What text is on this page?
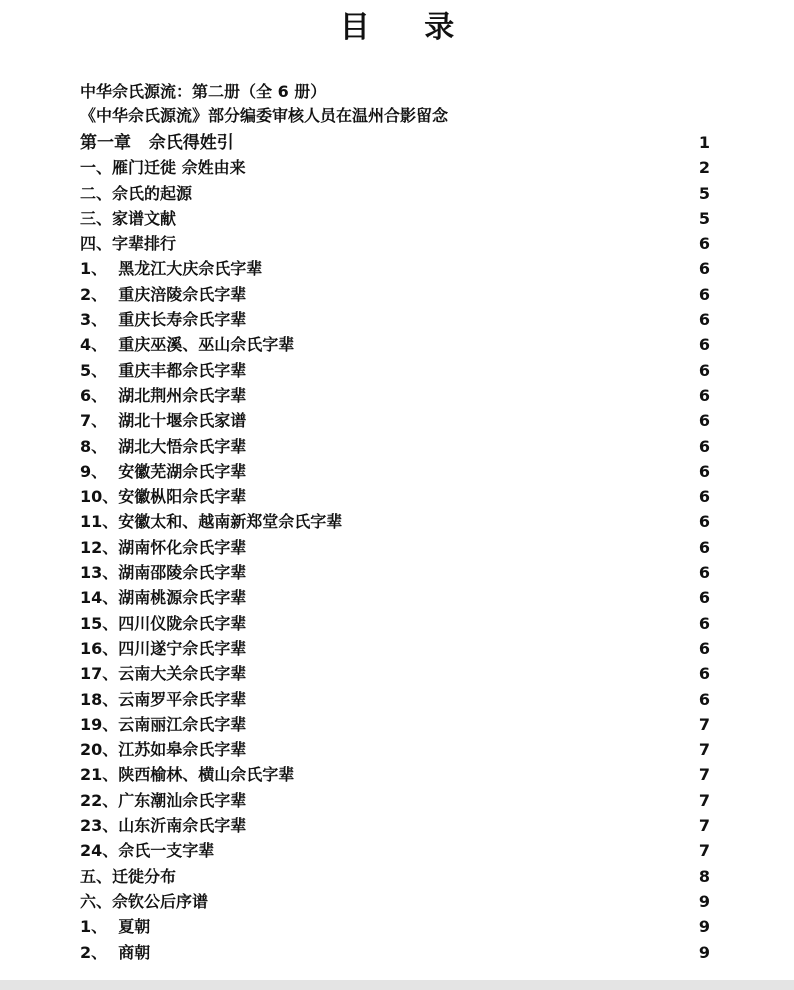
目 录
中华佘氏源流：第二册（全 6 册）
《中华佘氏源流》部分编委审核人员在温州合影留念
第一章   佘氏得姓引	1
一、雁门迁徙 佘姓由来	2
二、佘氏的起源	5
三、家谱文献	5
四、字辈排行	6
1、  黑龙江大庆佘氏字辈	6
2、  重庆涪陵佘氏字辈	6
3、  重庆长寿佘氏字辈	6
4、  重庆巫溪、巫山佘氏字辈	6
5、  重庆丰都佘氏字辈	6
6、  湖北荆州佘氏字辈	6
7、  湖北十堰佘氏家谱	6
8、  湖北大悟佘氏字辈	6
9、  安徽芜湖佘氏字辈	6
10、安徽枞阳佘氏字辈	6
11、安徽太和、越南新郑堂佘氏字辈	6
12、湖南怀化佘氏字辈	6
13、湖南邵陵佘氏字辈	6
14、湖南桃源佘氏字辈	6
15、四川仪陇佘氏字辈	6
16、四川遂宁佘氏字辈	6
17、云南大关佘氏字辈	6
18、云南罗平佘氏字辈	6
19、云南丽江佘氏字辈	7
20、江苏如皋佘氏字辈	7
21、陕西榆林、横山佘氏字辈	7
22、广东潮汕佘氏字辈	7
23、山东沂南佘氏字辈	7
24、佘氏一支字辈	7
五、迁徙分布	8
六、佘钦公后序谱	9
1、  夏朝	9
2、  商朝	9
